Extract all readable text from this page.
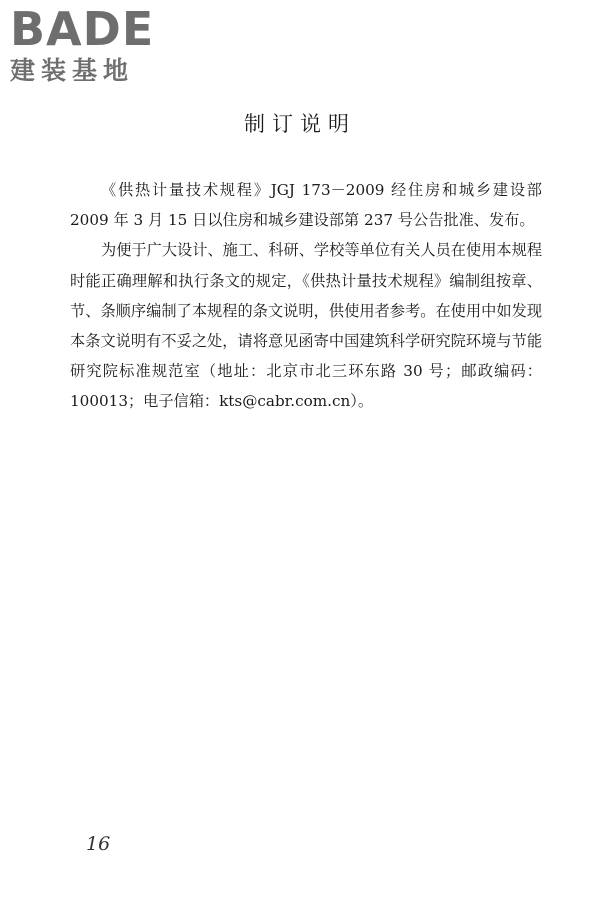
BADE
建装基地
制订说明

《供热计量技术规程》JGJ 173－2009 经住房和城乡建设部 2009 年 3 月 15 日以住房和城乡建设部第 237 号公告批准、发布。

为便于广大设计、施工、科研、学校等单位有关人员在使用本规程时能正确理解和执行条文的规定，《供热计量技术规程》编制组按章、节、条顺序编制了本规程的条文说明，供使用者参考。在使用中如发现本条文说明有不妥之处，请将意见函寄中国建筑科学研究院环境与节能研究院标准规范室（地址：北京市北三环东路 30 号；邮政编码：100013；电子信箱：kts@cabr.com.cn）。

16
